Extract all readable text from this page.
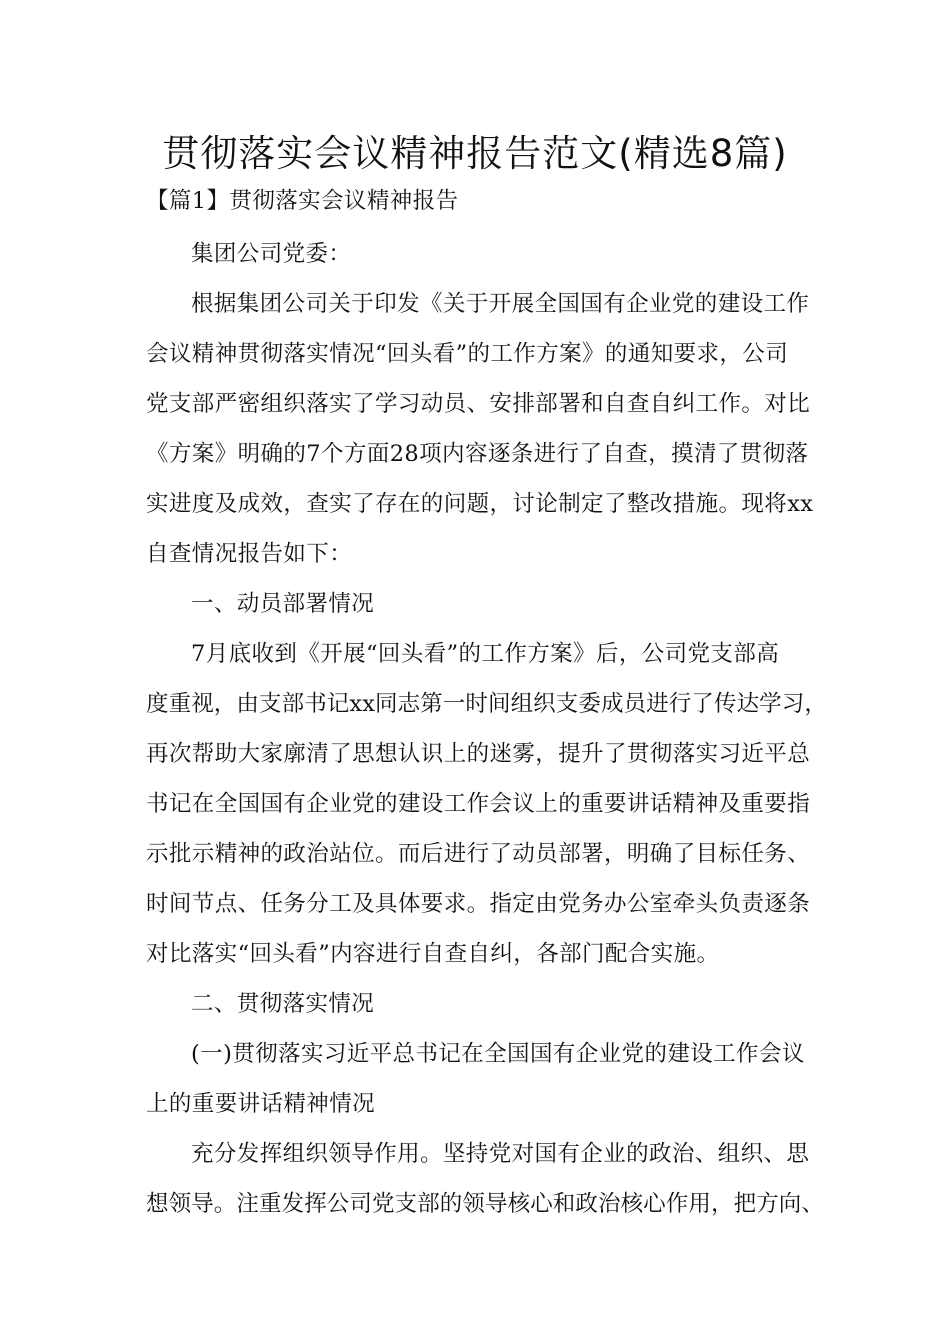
贯彻落实会议精神报告范文(精选8篇)
【篇1】贯彻落实会议精神报告
集团公司党委：
根据集团公司关于印发《关于开展全国国有企业党的建设工作
会议精神贯彻落实情况“回头看”的工作方案》的通知要求，公司
党支部严密组织落实了学习动员、安排部署和自查自纠工作。对比
《方案》明确的7个方面28项内容逐条进行了自查，摸清了贯彻落
实进度及成效，查实了存在的问题，讨论制定了整改措施。现将xx
自查情况报告如下：
一、动员部署情况
7月底收到《开展“回头看”的工作方案》后，公司党支部高
度重视，由支部书记xx同志第一时间组织支委成员进行了传达学习，
再次帮助大家廓清了思想认识上的迷雾，提升了贯彻落实习近平总
书记在全国国有企业党的建设工作会议上的重要讲话精神及重要指
示批示精神的政治站位。而后进行了动员部署，明确了目标任务、
时间节点、任务分工及具体要求。指定由党务办公室牵头负责逐条
对比落实“回头看”内容进行自查自纠，各部门配合实施。
二、贯彻落实情况
(一)贯彻落实习近平总书记在全国国有企业党的建设工作会议
上的重要讲话精神情况
充分发挥组织领导作用。坚持党对国有企业的政治、组织、思
想领导。注重发挥公司党支部的领导核心和政治核心作用，把方向、
